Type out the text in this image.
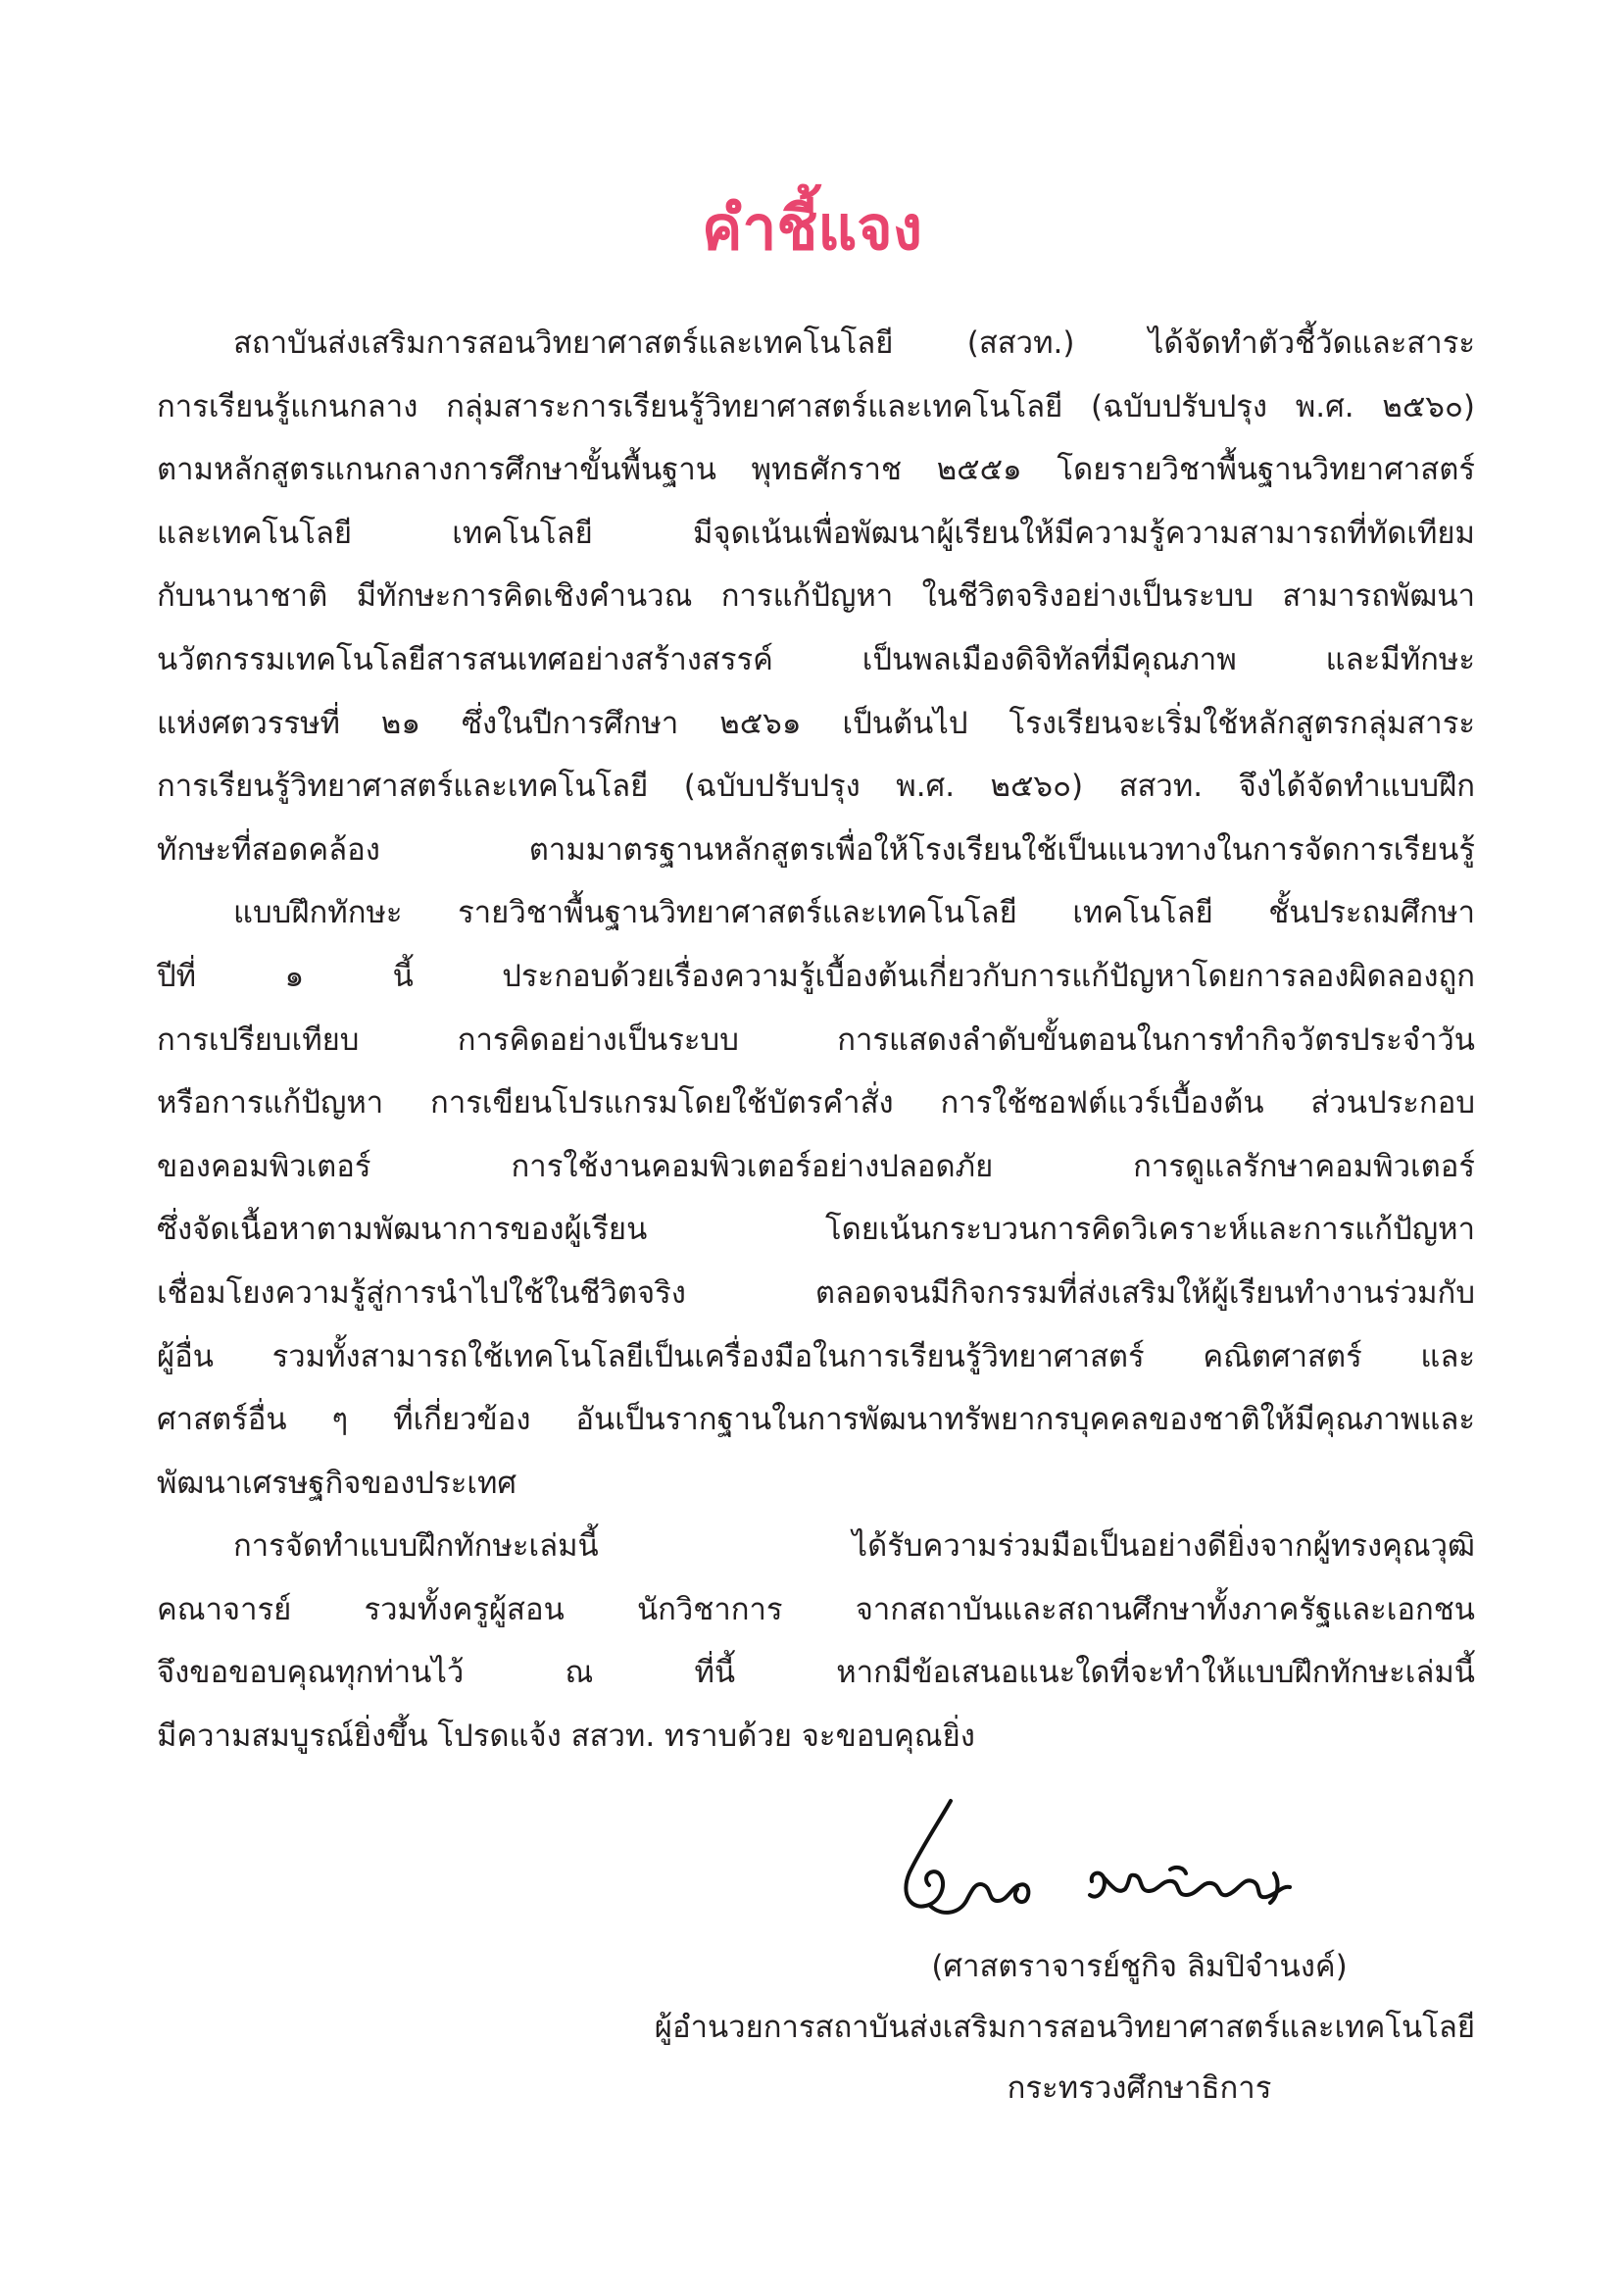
คำชี้แจง

สถาบันส่งเสริมการสอนวิทยาศาสตร์และเทคโนโลยี (สสวท.) ได้จัดทำตัวชี้วัดและสาระ
การเรียนรู้แกนกลาง กลุ่มสาระการเรียนรู้วิทยาศาสตร์และเทคโนโลยี (ฉบับปรับปรุง พ.ศ. ๒๕๖๐)
ตามหลักสูตรแกนกลางการศึกษาขั้นพื้นฐาน พุทธศักราช ๒๕๕๑ โดยรายวิชาพื้นฐานวิทยาศาสตร์
และเทคโนโลยี เทคโนโลยี มีจุดเน้นเพื่อพัฒนาผู้เรียนให้มีความรู้ความสามารถที่ทัดเทียม
กับนานาชาติ มีทักษะการคิดเชิงคำนวณ การแก้ปัญหา ในชีวิตจริงอย่างเป็นระบบ สามารถพัฒนา
นวัตกรรมเทคโนโลยีสารสนเทศอย่างสร้างสรรค์ เป็นพลเมืองดิจิทัลที่มีคุณภาพ และมีทักษะ
แห่งศตวรรษที่ ๒๑ ซึ่งในปีการศึกษา ๒๕๖๑ เป็นต้นไป โรงเรียนจะเริ่มใช้หลักสูตรกลุ่มสาระ
การเรียนรู้วิทยาศาสตร์และเทคโนโลยี (ฉบับปรับปรุง พ.ศ. ๒๕๖๐) สสวท. จึงได้จัดทำแบบฝึก
ทักษะที่สอดคล้อง ตามมาตรฐานหลักสูตรเพื่อให้โรงเรียนใช้เป็นแนวทางในการจัดการเรียนรู้

แบบฝึกทักษะ รายวิชาพื้นฐานวิทยาศาสตร์และเทคโนโลยี เทคโนโลยี ชั้นประถมศึกษา
ปีที่ ๑ นี้ ประกอบด้วยเรื่องความรู้เบื้องต้นเกี่ยวกับการแก้ปัญหาโดยการลองผิดลองถูก
การเปรียบเทียบ การคิดอย่างเป็นระบบ การแสดงลำดับขั้นตอนในการทำกิจวัตรประจำวัน
หรือการแก้ปัญหา การเขียนโปรแกรมโดยใช้บัตรคำสั่ง การใช้ซอฟต์แวร์เบื้องต้น ส่วนประกอบ
ของคอมพิวเตอร์ การใช้งานคอมพิวเตอร์อย่างปลอดภัย การดูแลรักษาคอมพิวเตอร์
ซึ่งจัดเนื้อหาตามพัฒนาการของผู้เรียน โดยเน้นกระบวนการคิดวิเคราะห์และการแก้ปัญหา
เชื่อมโยงความรู้สู่การนำไปใช้ในชีวิตจริง ตลอดจนมีกิจกรรมที่ส่งเสริมให้ผู้เรียนทำงานร่วมกับ
ผู้อื่น รวมทั้งสามารถใช้เทคโนโลยีเป็นเครื่องมือในการเรียนรู้วิทยาศาสตร์ คณิตศาสตร์ และ
ศาสตร์อื่น ๆ ที่เกี่ยวข้อง อันเป็นรากฐานในการพัฒนาทรัพยากรบุคคลของชาติให้มีคุณภาพและ
พัฒนาเศรษฐกิจของประเทศ

การจัดทำแบบฝึกทักษะเล่มนี้ ได้รับความร่วมมือเป็นอย่างดียิ่งจากผู้ทรงคุณวุฒิ
คณาจารย์ รวมทั้งครูผู้สอน นักวิชาการ จากสถาบันและสถานศึกษาทั้งภาครัฐและเอกชน
จึงขอขอบคุณทุกท่านไว้ ณ ที่นี้ หากมีข้อเสนอแนะใดที่จะทำให้แบบฝึกทักษะเล่มนี้
มีความสมบูรณ์ยิ่งขึ้น โปรดแจ้ง สสวท. ทราบด้วย จะขอบคุณยิ่ง

(ศาสตราจารย์ชูกิจ ลิมปิจำนงค์)
ผู้อำนวยการสถาบันส่งเสริมการสอนวิทยาศาสตร์และเทคโนโลยี
กระทรวงศึกษาธิการ
